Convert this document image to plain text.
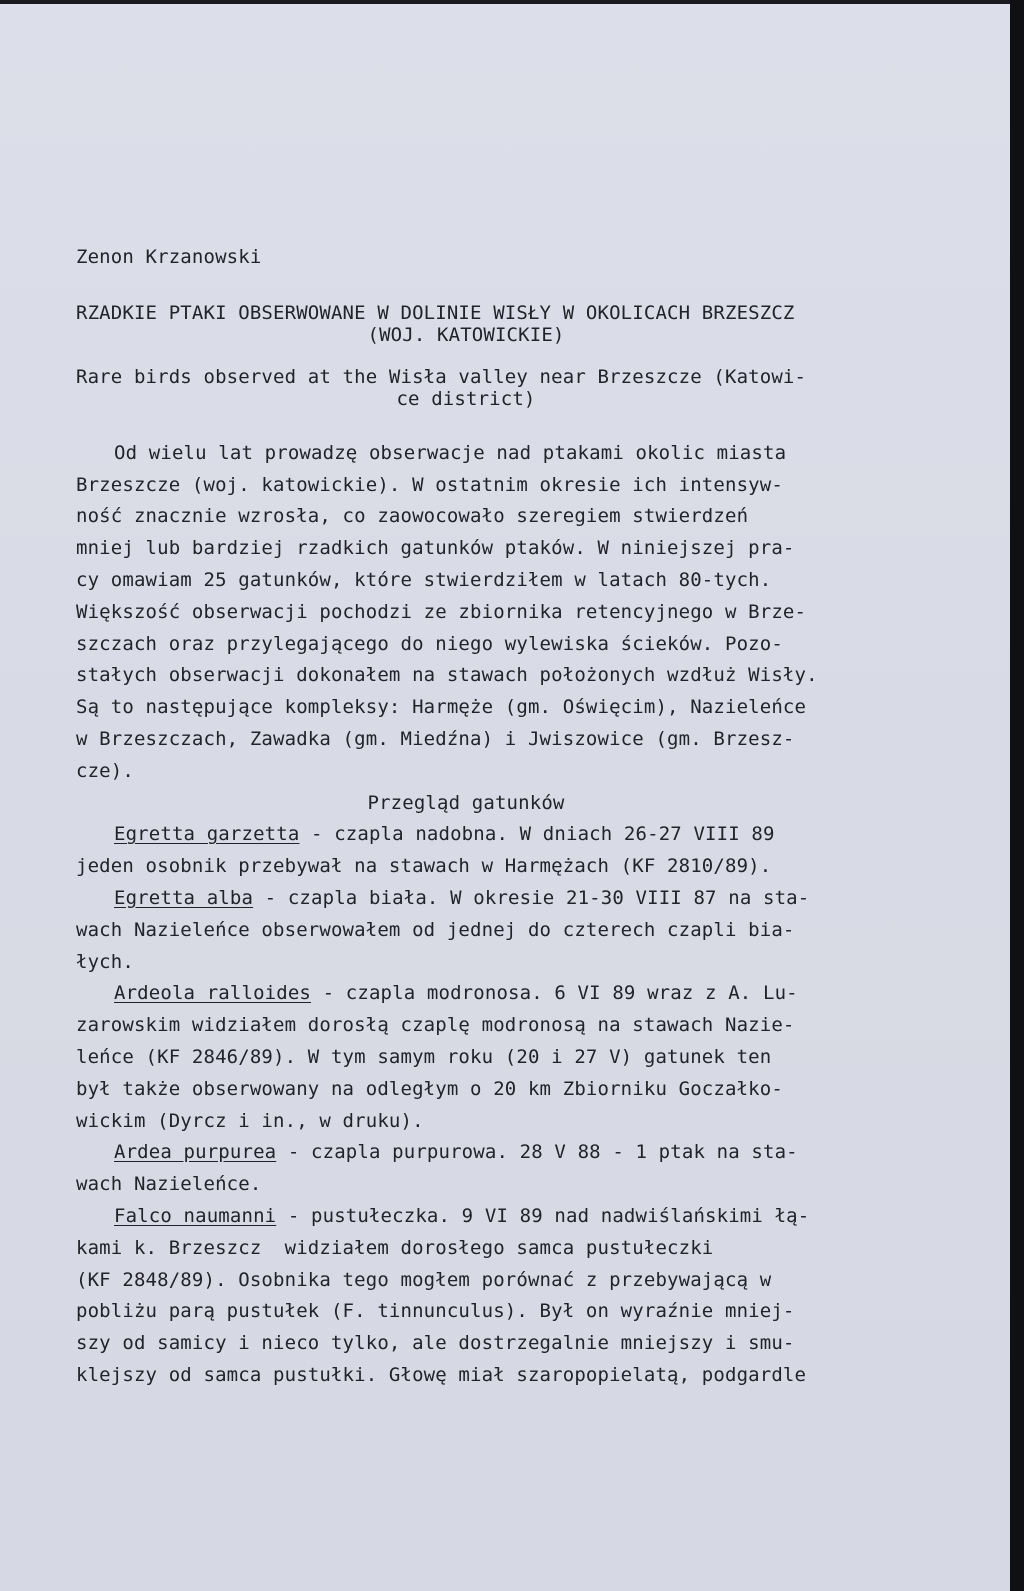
Zenon Krzanowski
RZADKIE PTAKI OBSERWOWANE W DOLINIE WISŁY W OKOLICACH BRZESZCZ
(WOJ. KATOWICKIE)
Rare birds observed at the Wisła valley near Brzeszcze (Katowi-
ce district)
Od wielu lat prowadzę obserwacje nad ptakami okolic miasta
Brzeszcze (woj. katowickie). W ostatnim okresie ich intensyw-
ność znacznie wzrosła, co zaowocowało szeregiem stwierdzeń
mniej lub bardziej rzadkich gatunków ptaków. W niniejszej pra-
cy omawiam 25 gatunków, które stwierdziłem w latach 80-tych.
Większość obserwacji pochodzi ze zbiornika retencyjnego w Brze-
szczach oraz przylegającego do niego wylewiska ścieków. Pozo-
stałych obserwacji dokonałem na stawach położonych wzdłuż Wisły.
Są to następujące kompleksy: Harmęże (gm. Oświęcim), Nazieleńce
w Brzeszczach, Zawadka (gm. Miedźna) i Jwiszowice (gm. Brzesz-
cze).
Przegląd gatunków
Egretta garzetta - czapla nadobna. W dniach 26-27 VIII 89
jeden osobnik przebywał na stawach w Harmężach (KF 2810/89).
Egretta alba - czapla biała. W okresie 21-30 VIII 87 na sta-
wach Nazieleńce obserwowałem od jednej do czterech czapli bia-
łych.
Ardeola ralloides - czapla modronosa. 6 VI 89 wraz z A. Lu-
zarowskim widziałem dorosłą czaplę modronosą na stawach Nazie-
leńce (KF 2846/89). W tym samym roku (20 i 27 V) gatunek ten
był także obserwowany na odległym o 20 km Zbiorniku Goczałko-
wickim (Dyrcz i in., w druku).
Ardea purpurea - czapla purpurowa. 28 V 88 - 1 ptak na sta-
wach Nazieleńce.
Falco naumanni - pustułeczka. 9 VI 89 nad nadwiślańskimi łą-
kami k. Brzeszcz  widziałem dorosłego samca pustułeczki
(KF 2848/89). Osobnika tego mogłem porównać z przebywającą w
pobliżu parą pustułek (F. tinnunculus). Był on wyraźnie mniej-
szy od samicy i nieco tylko, ale dostrzegalnie mniejszy i smu-
klejszy od samca pustułki. Głowę miał szaropopielatą, podgardle
